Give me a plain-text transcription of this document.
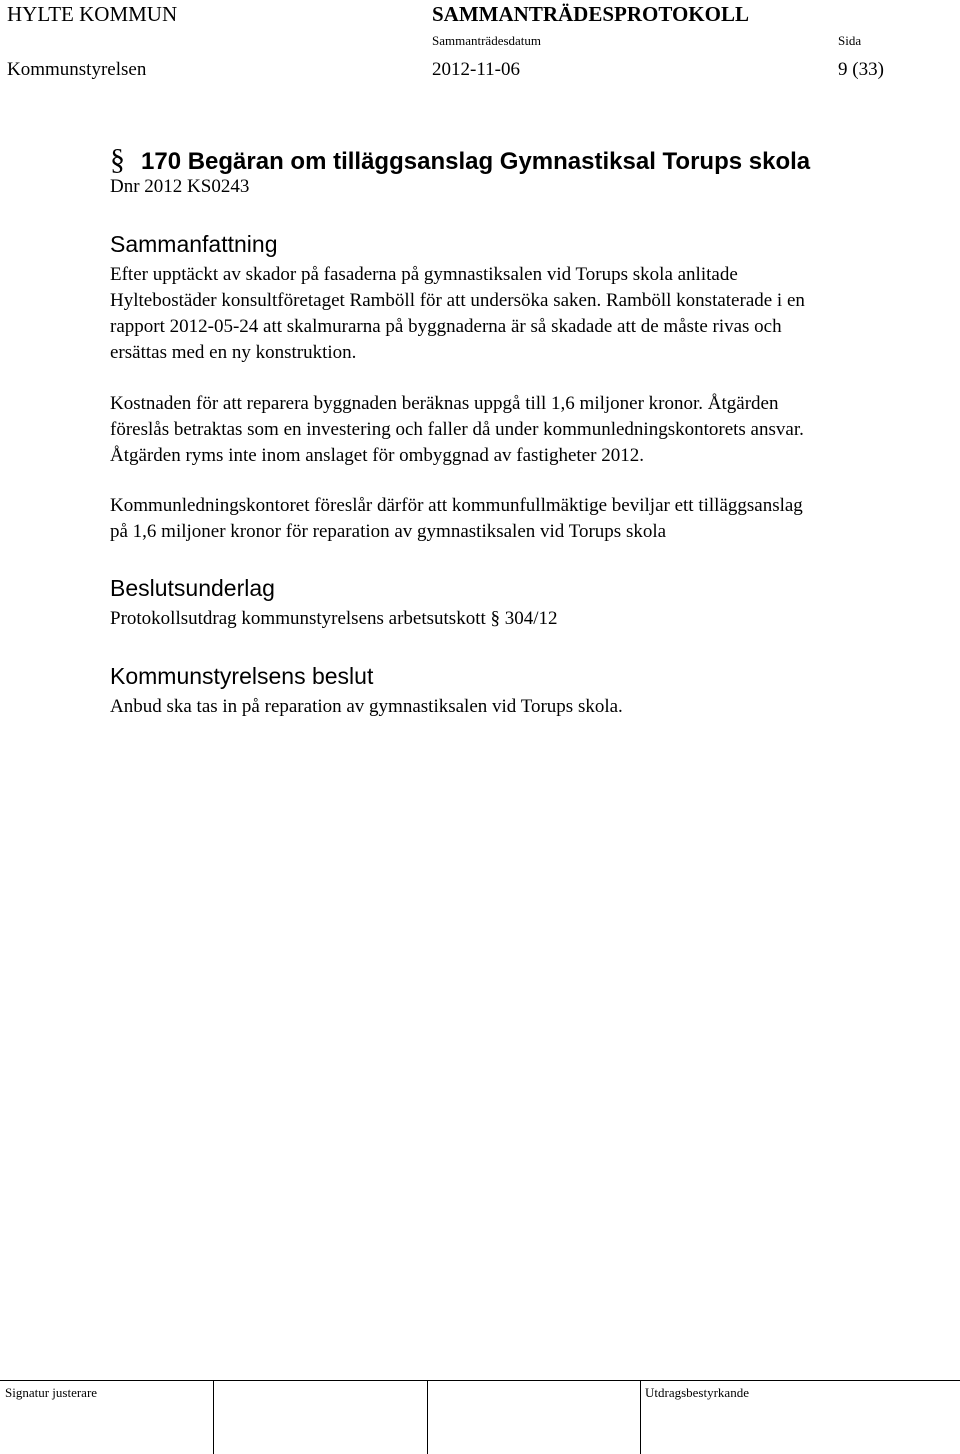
HYLTE KOMMUN	SAMMANTRÄDESPROTOKOLL
Sammanträdesdatum	Sida
Kommunstyrelsen	2012-11-06	9 (33)
§ 170 Begäran om tilläggsanslag Gymnastiksal Torups skola
Dnr 2012 KS0243
Sammanfattning
Efter upptäckt av skador på fasaderna på gymnastiksalen vid Torups skola anlitade
Hyltebostäder konsultföretaget Ramböll för att undersöka saken. Ramböll konstaterade i en
rapport 2012-05-24 att skalmurarna på byggnaderna är så skadade att de måste rivas och
ersättas med en ny konstruktion.
Kostnaden för att reparera byggnaden beräknas uppgå till 1,6 miljoner kronor. Åtgärden
föreslås betraktas som en investering och faller då under kommunledningskontorets ansvar.
Åtgärden ryms inte inom anslaget för ombyggnad av fastigheter 2012.
Kommunledningskontoret föreslår därför att kommunfullmäktige beviljar ett tilläggsanslag
på 1,6 miljoner kronor för reparation av gymnastiksalen vid Torups skola
Beslutsunderlag
Protokollsutdrag kommunstyrelsens arbetsutskott § 304/12
Kommunstyrelsens beslut
Anbud ska tas in på reparation av gymnastiksalen vid Torups skola.
Signatur justerare	Utdragsbestyrkande
